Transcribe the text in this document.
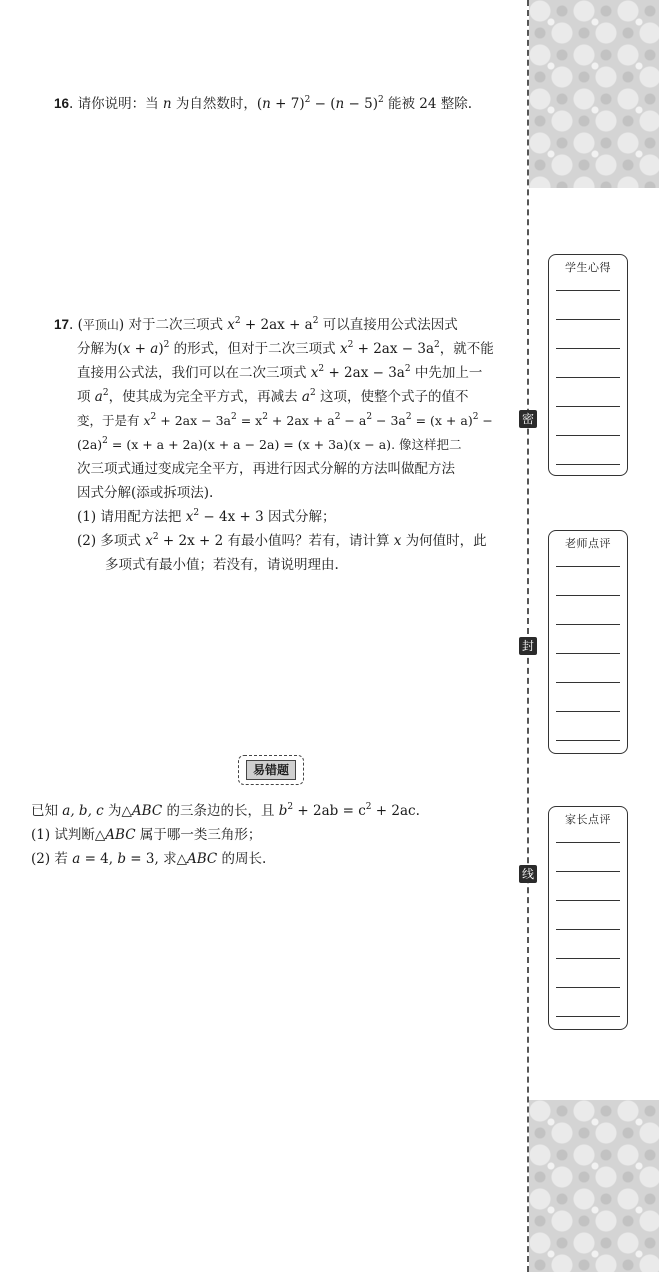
密
封
线
学生心得
老师点评
家长点评
16. 请你说明：当 n 为自然数时，$(n + 7)^2 - (n - 5)^2$ 能被 24 整除.
17. (平顶山) 对于二次三项式 $x^2 + 2ax + a^2$ 可以直接用公式法因式
分解为$(x + a)^2$ 的形式，但对于二次三项式 $x^2 + 2ax - 3a^2$，就不能
直接用公式法，我们可以在二次三项式 $x^2 + 2ax - 3a^2$ 中先加上一
项 $a^2$，使其成为完全平方式，再减去 $a^2$ 这项，使整个式子的值不
变，于是有 $x^2 + 2ax - 3a^2 = x^2 + 2ax + a^2 - a^2 - 3a^2 = (x + a)^2$ −
$(2a)^2 = (x + a + 2a)(x + a - 2a) = (x + 3a)(x - a)$. 像这样把二
次三项式通过变成完全平方，再进行因式分解的方法叫做配方法
因式分解(添或拆项法).
(1) 请用配方法把 $x^2 - 4x + 3$ 因式分解；
(2) 多项式 $x^2 + 2x + 2$ 有最小值吗？若有，请计算 x 为何值时，此
多项式有最小值；若没有，请说明理由.
易错题
已知 a, b, c 为△ABC 的三条边的长，且 $b^2 + 2ab = c^2 + 2ac$.
(1) 试判断△ABC 属于哪一类三角形；
(2) 若 a = 4, b = 3, 求△ABC 的周长.
